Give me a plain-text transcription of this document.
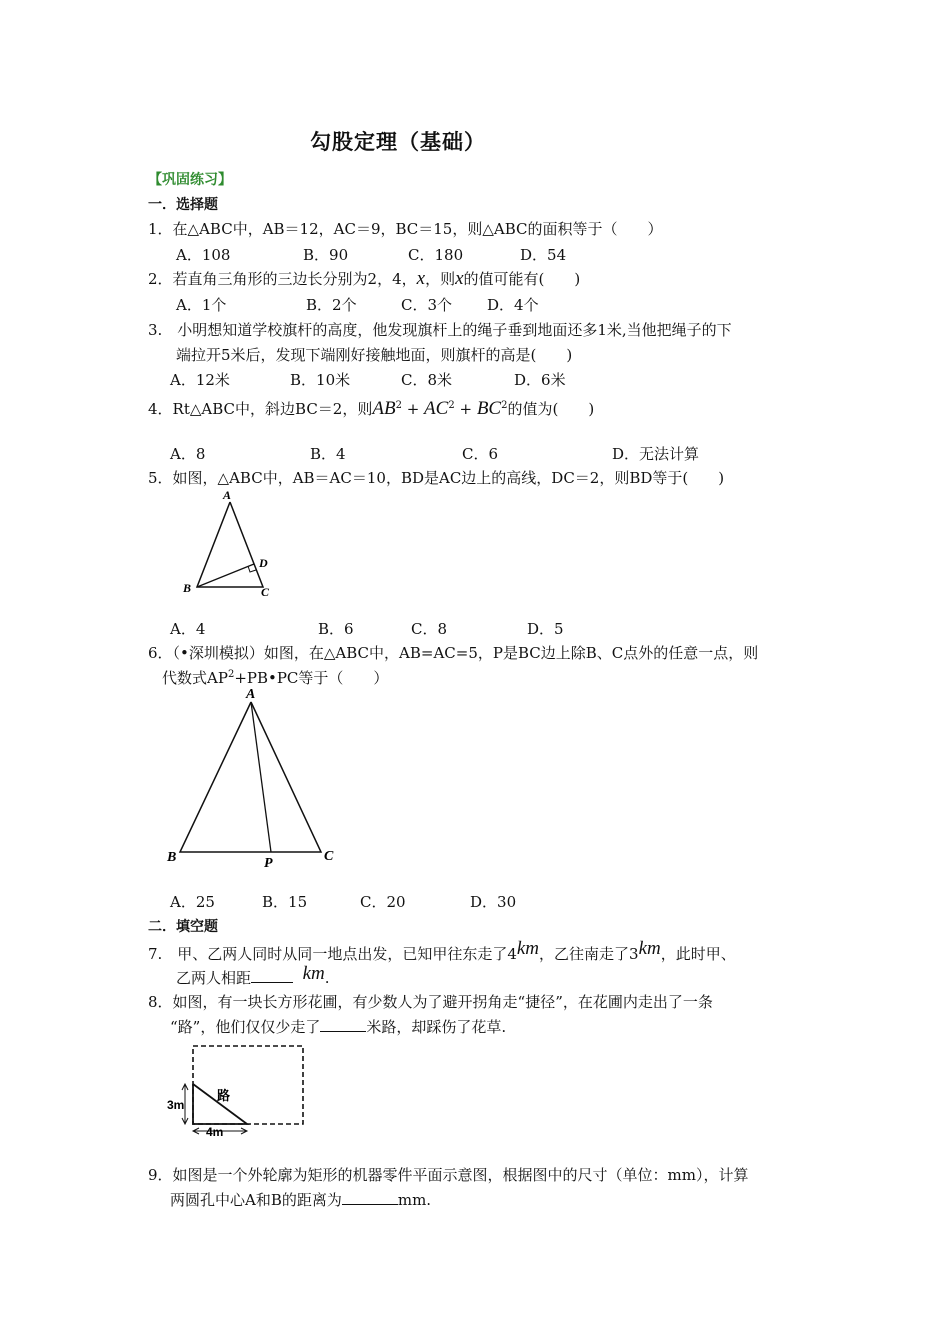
勾股定理（基础）
【巩固练习】
一．选择题
1．在△ABC中，AB＝12，AC＝9，BC＝15，则△ABC的面积等于（　　）
A．108	B．90	C．180	D．54
2．若直角三角形的三边长分别为2，4，x，则x的值可能有(　　)
A．1个	B．2个	C．3个 D．4个
3.　小明想知道学校旗杆的高度，他发现旗杆上的绳子垂到地面还多1米,当他把绳子的下
端拉开5米后，发现下端刚好接触地面，则旗杆的高是(　　)
A．12米	B．10米	C．8米	D．6米
4．Rt△ABC中，斜边BC＝2，则$AB^2 + AC^2 + BC^2$的值为(　　)
A．8	B．4	C．6	D．无法计算
5．如图，△ABC中，AB＝AC＝10，BD是AC边上的高线，DC＝2，则BD等于(　　)
A
B	C
D
A．4	B．6	C．8	D．5
6．（•深圳模拟）如图，在△ABC中，AB=AC=5，P是BC边上除B、C点外的任意一点，则
代数式$AP^2+PB•PC$等于（　　）
A
B	C
P
A．25	B．15	C．20	D．30
二．填空题
7.　甲、乙两人同时从同一地点出发，已知甲往东走了4km，乙往南走了3km，此时甲、
乙两人相距	km.
8．如图，有一块长方形花圃，有少数人为了避开拐角走“捷径”，在花圃内走出了一条
“路”，他们仅仅少走了	米路，却踩伤了花草.
路
3m
4m
9．如图是一个外轮廓为矩形的机器零件平面示意图，根据图中的尺寸（单位：mm），计算
两圆孔中心A和B的距离为	mm.
